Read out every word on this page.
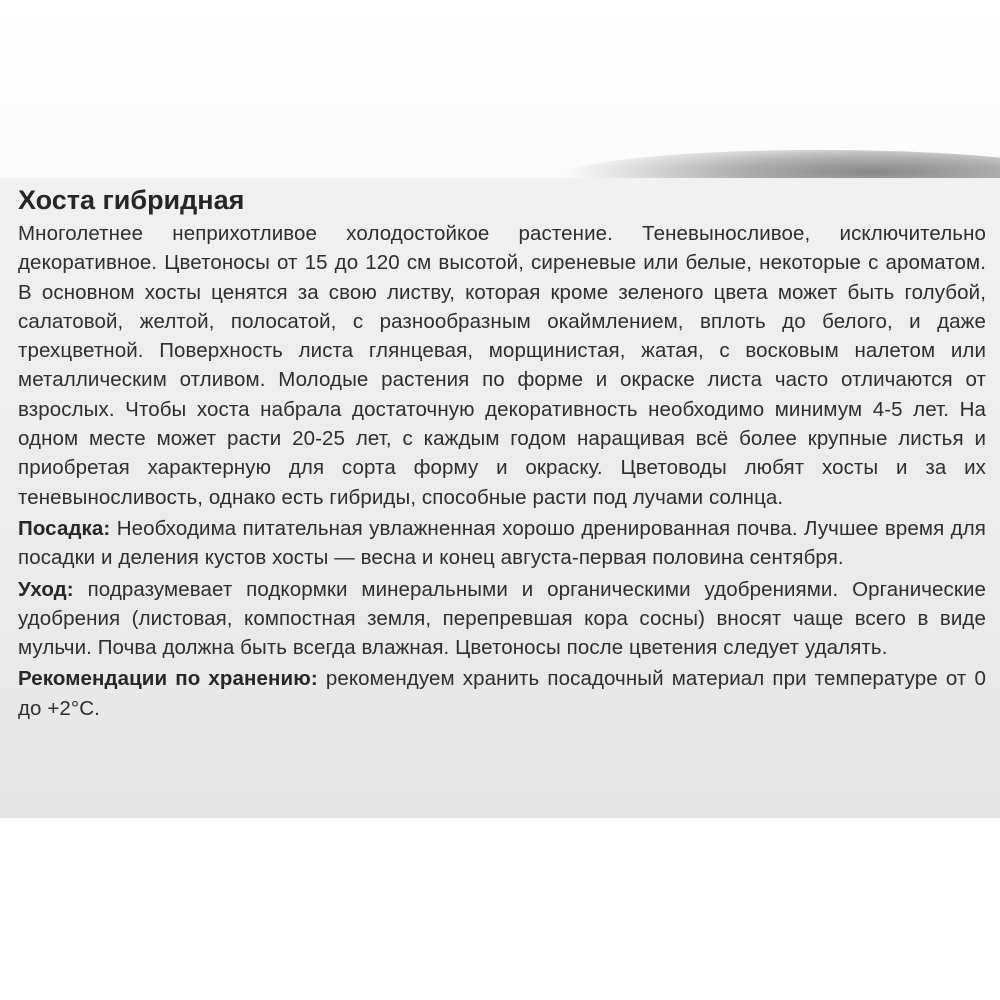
Хоста гибридная

Многолетнее неприхотливое холодостойкое растение. Теневыносливое, исключительно декоративное. Цветоносы от 15 до 120 см высотой, сиреневые или белые, некоторые с ароматом. В основном хосты ценятся за свою листву, которая кроме зеленого цвета может быть голубой, салатовой, желтой, полосатой, с разнообразным окаймлением, вплоть до белого, и даже трехцветной. Поверхность листа глянцевая, морщинистая, жатая, с восковым налетом или металлическим отливом. Молодые растения по форме и окраске листа часто отличаются от взрослых. Чтобы хоста набрала достаточную декоративность необходимо минимум 4-5 лет. На одном месте может расти 20-25 лет, с каждым годом наращивая всё более крупные листья и приобретая характерную для сорта форму и окраску. Цветоводы любят хосты и за их теневыносливость, однако есть гибриды, способные расти под лучами солнца.

Посадка: Необходима питательная увлажненная хорошо дренированная почва. Лучшее время для посадки и деления кустов хосты — весна и конец августа-первая половина сентября.

Уход: подразумевает подкормки минеральными и органическими удобрениями. Органические удобрения (листовая, компостная земля, перепревшая кора сосны) вносят чаще всего в виде мульчи. Почва должна быть всегда влажная. Цветоносы после цветения следует удалять.

Рекомендации по хранению: рекомендуем хранить посадочный материал при температуре от 0 до +2°С.
